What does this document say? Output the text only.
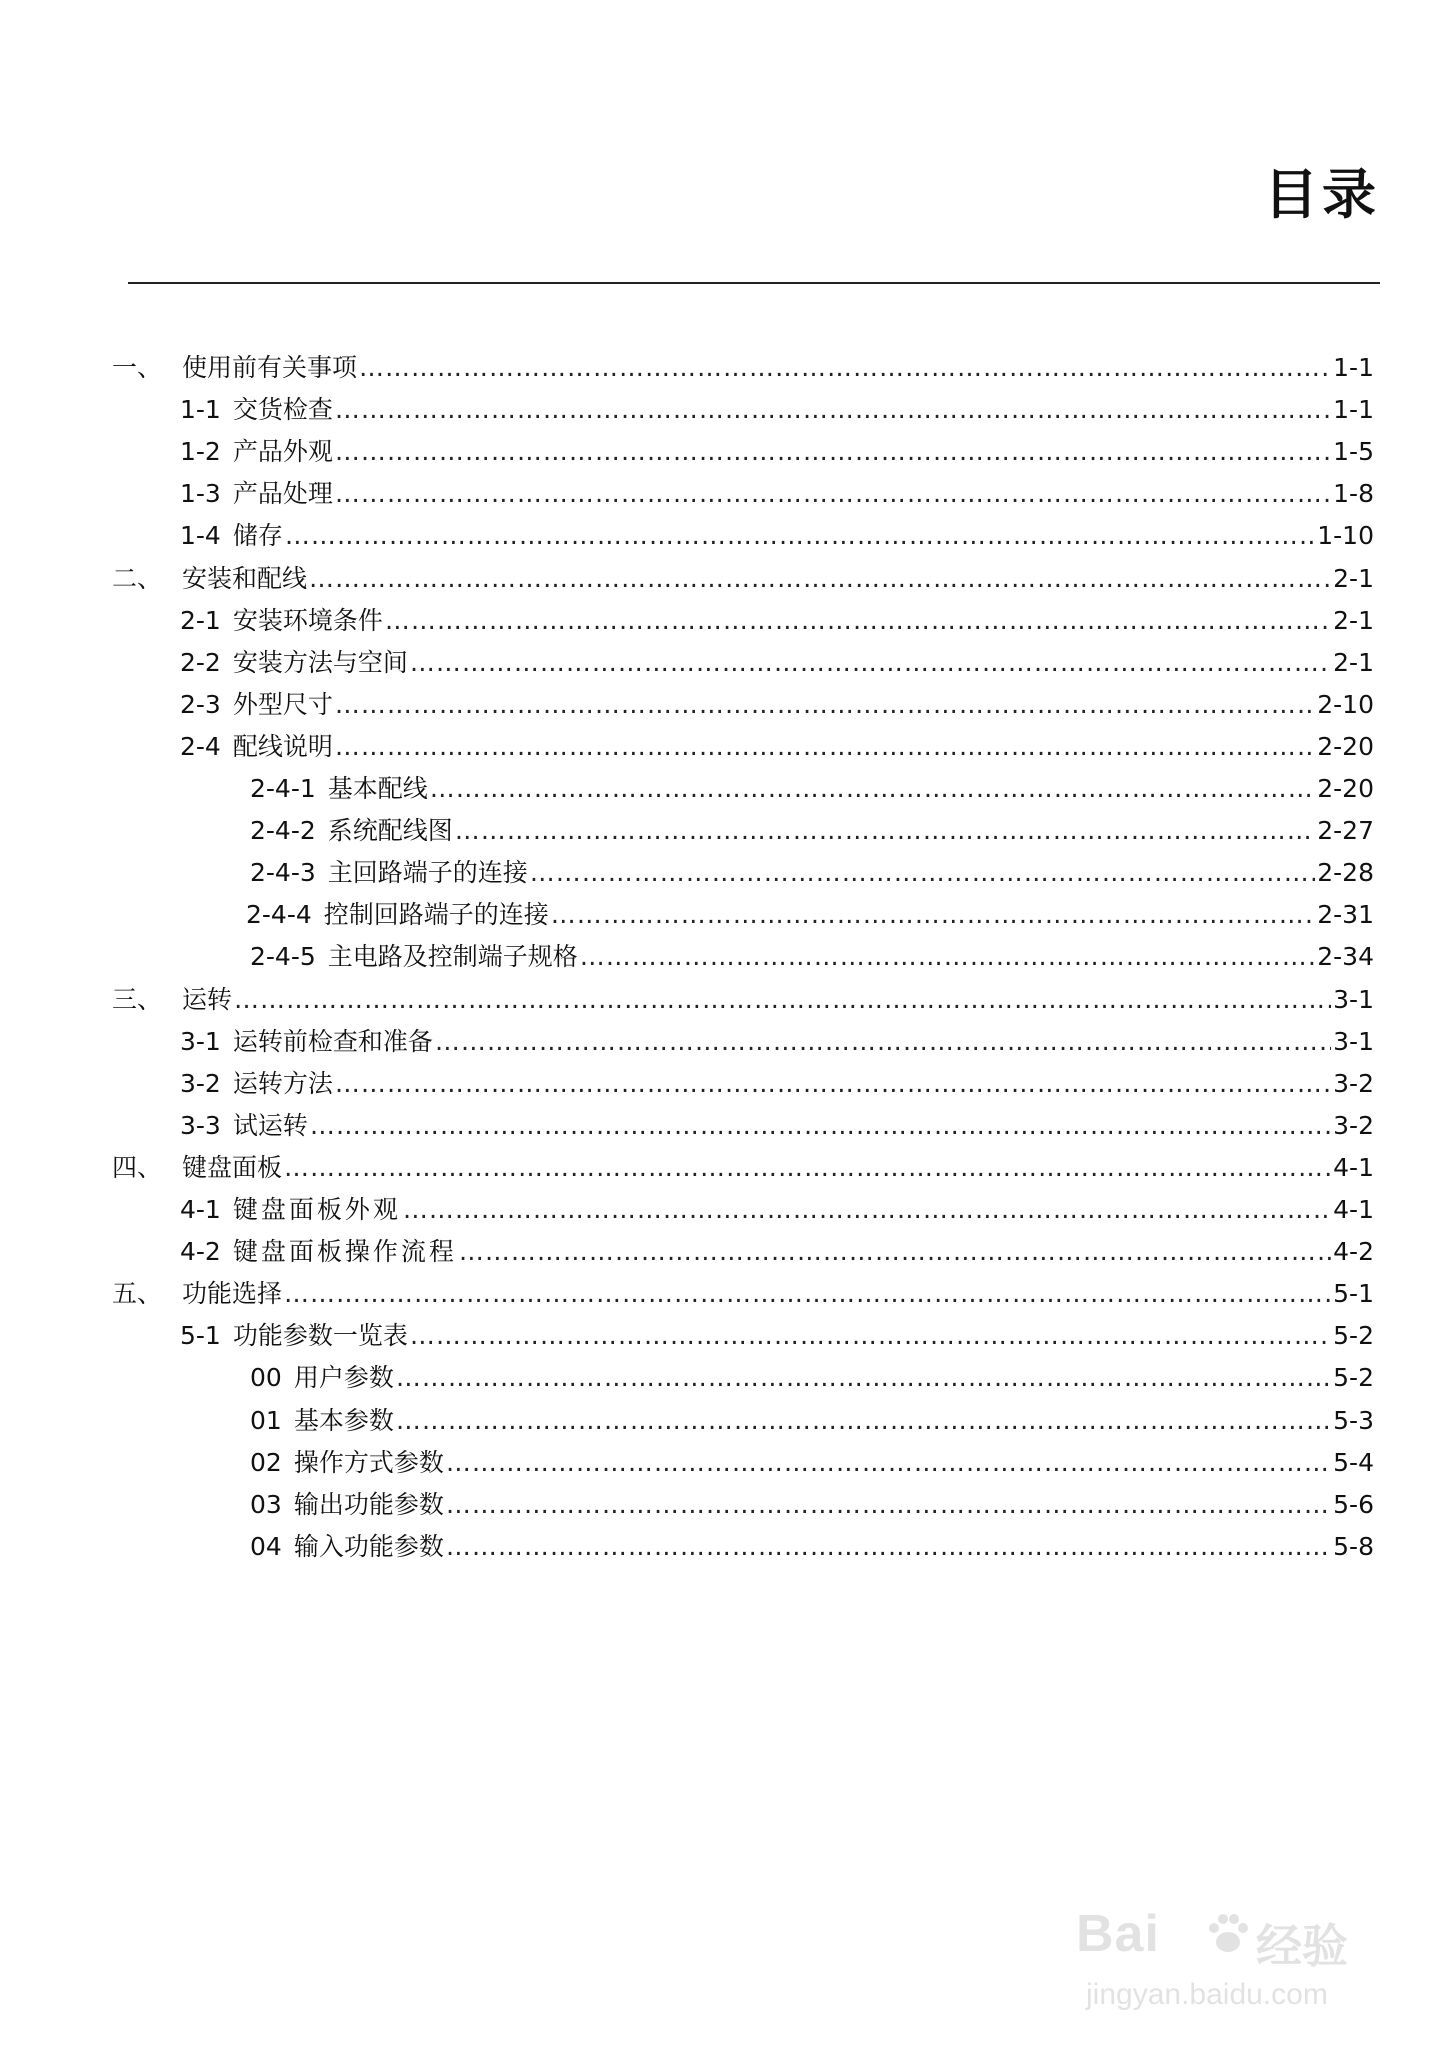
目录
一、 使用前有关事项 ……………………………………………………………………………………………………………………………………………………………………………………………………………………………………………………	1-1
1-1 交货检查 ……………………………………………………………………………………………………………………………………………………………………………………………………………………………………………………	1-1
1-2 产品外观 ……………………………………………………………………………………………………………………………………………………………………………………………………………………………………………………	1-5
1-3 产品处理 ……………………………………………………………………………………………………………………………………………………………………………………………………………………………………………………	1-8
1-4 储存 ……………………………………………………………………………………………………………………………………………………………………………………………………………………………………………………	1-10
二、 安装和配线 ……………………………………………………………………………………………………………………………………………………………………………………………………………………………………………………	2-1
2-1 安装环境条件 ……………………………………………………………………………………………………………………………………………………………………………………………………………………………………………………	2-1
2-2 安装方法与空间 ……………………………………………………………………………………………………………………………………………………………………………………………………………………………………………………	2-1
2-3 外型尺寸 ……………………………………………………………………………………………………………………………………………………………………………………………………………………………………………………	2-10
2-4 配线说明 ……………………………………………………………………………………………………………………………………………………………………………………………………………………………………………………	2-20
2-4-1 基本配线 ……………………………………………………………………………………………………………………………………………………………………………………………………………………………………………………	2-20
2-4-2 系统配线图 ……………………………………………………………………………………………………………………………………………………………………………………………………………………………………………………	2-27
2-4-3 主回路端子的连接 ……………………………………………………………………………………………………………………………………………………………………………………………………………………………………………………	2-28
2-4-4 控制回路端子的连接 ……………………………………………………………………………………………………………………………………………………………………………………………………………………………………………………	2-31
2-4-5 主电路及控制端子规格 ……………………………………………………………………………………………………………………………………………………………………………………………………………………………………………………	2-34
三、 运转 ……………………………………………………………………………………………………………………………………………………………………………………………………………………………………………………	3-1
3-1 运转前检查和准备 ……………………………………………………………………………………………………………………………………………………………………………………………………………………………………………………	3-1
3-2 运转方法 ……………………………………………………………………………………………………………………………………………………………………………………………………………………………………………………	3-2
3-3 试运转 ……………………………………………………………………………………………………………………………………………………………………………………………………………………………………………………	3-2
四、 键盘面板 ……………………………………………………………………………………………………………………………………………………………………………………………………………………………………………………	4-1
4-1 键盘面板外观 ……………………………………………………………………………………………………………………………………………………………………………………………………………………………………………………	4-1
4-2 键盘面板操作流程 ……………………………………………………………………………………………………………………………………………………………………………………………………………………………………………………	4-2
五、 功能选择 ……………………………………………………………………………………………………………………………………………………………………………………………………………………………………………………	5-1
5-1 功能参数一览表 ……………………………………………………………………………………………………………………………………………………………………………………………………………………………………………………	5-2
00 用户参数 ……………………………………………………………………………………………………………………………………………………………………………………………………………………………………………………	5-2
01 基本参数 ……………………………………………………………………………………………………………………………………………………………………………………………………………………………………………………	5-3
02 操作方式参数 ……………………………………………………………………………………………………………………………………………………………………………………………………………………………………………………	5-4
03 输出功能参数 ……………………………………………………………………………………………………………………………………………………………………………………………………………………………………………………	5-6
04 输入功能参数 ……………………………………………………………………………………………………………………………………………………………………………………………………………………………………………………	5-8
Bai 经验
jingyan.baidu.com
